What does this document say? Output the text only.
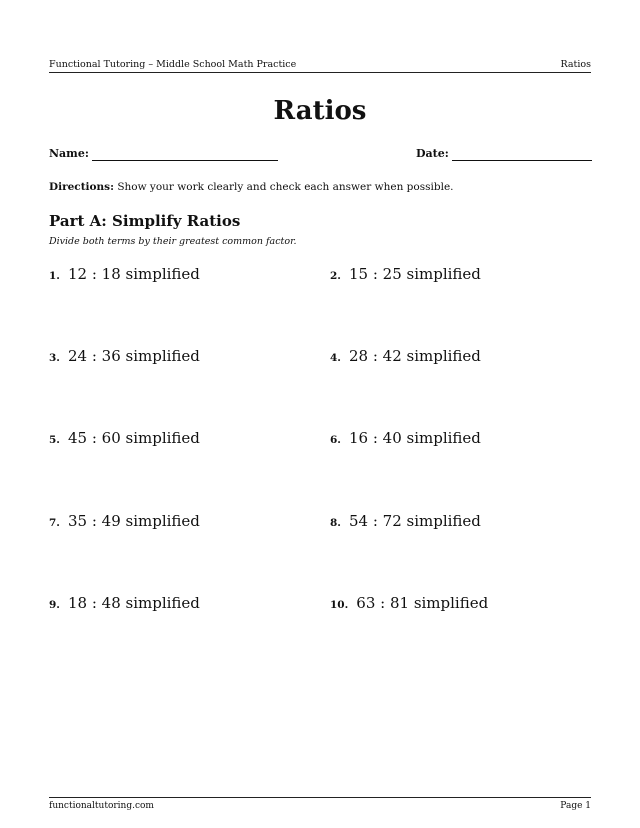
Functional Tutoring – Middle School Math Practice	Ratios
Ratios
Name:	Date:
Directions: Show your work clearly and check each answer when possible.
Part A: Simplify Ratios
Divide both terms by their greatest common factor.
1. 12 : 18 simplified	2. 15 : 25 simplified
3. 24 : 36 simplified	4. 28 : 42 simplified
5. 45 : 60 simplified	6. 16 : 40 simplified
7. 35 : 49 simplified	8. 54 : 72 simplified
9. 18 : 48 simplified	10. 63 : 81 simplified
functionaltutoring.com	Page 1
